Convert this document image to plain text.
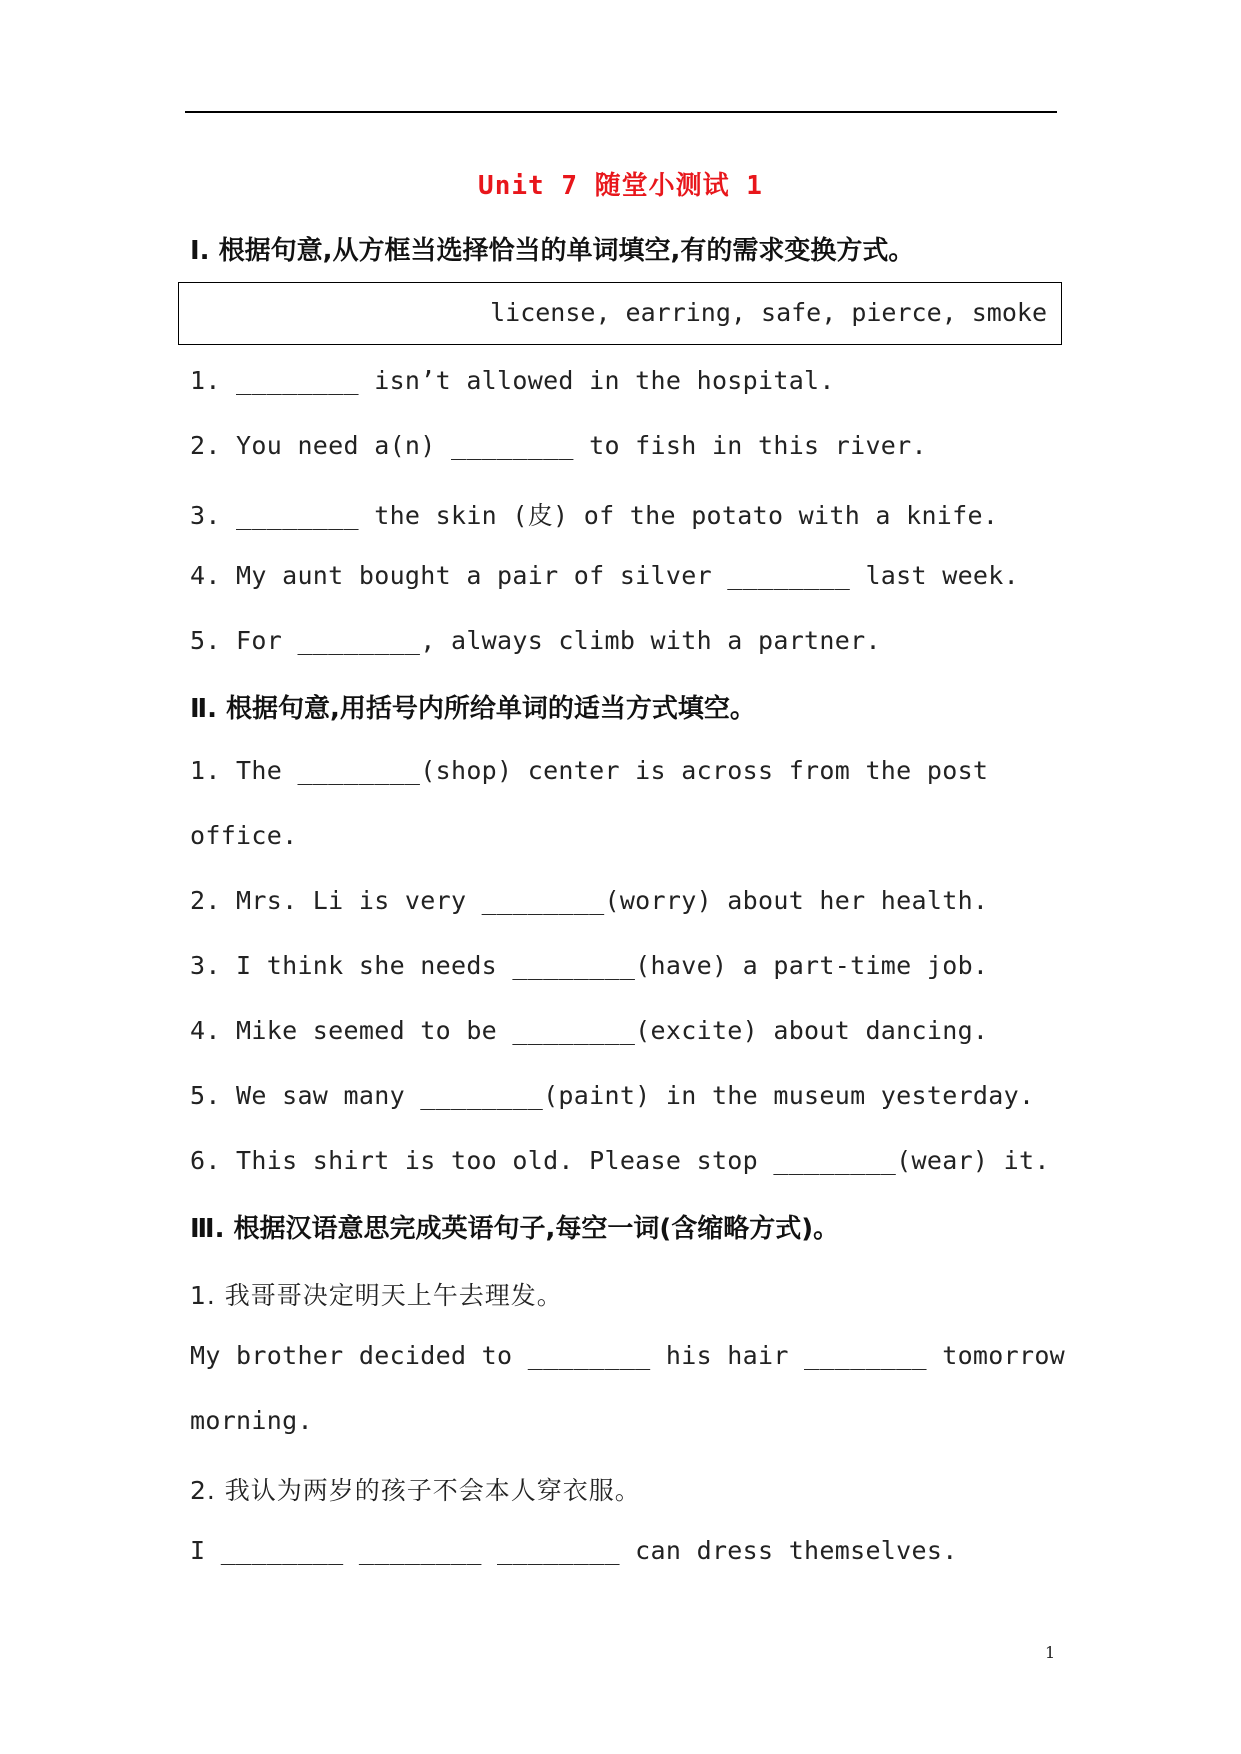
Unit 7 随堂小测试 1
Ⅰ. 根据句意,从方框当选择恰当的单词填空,有的需求变换方式。
license, earring, safe, pierce, smoke
1. ________ isn’t allowed in the hospital.
2. You need a(n) ________ to fish in this river.
3. ________ the skin (皮) of the potato with a knife.
4. My aunt bought a pair of silver ________ last week.
5. For ________, always climb with a partner.
Ⅱ. 根据句意,用括号内所给单词的适当方式填空。
1. The ________(shop) center is across from the post
office.
2. Mrs. Li is very ________(worry) about her health.
3. I think she needs ________(have) a part-time job.
4. Mike seemed to be ________(excite) about dancing.
5. We saw many ________(paint) in the museum yesterday.
6. This shirt is too old. Please stop ________(wear) it.
Ⅲ. 根据汉语意思完成英语句子,每空一词(含缩略方式)。
1. 我哥哥决定明天上午去理发。
My brother decided to ________ his hair ________ tomorrow
morning.
2. 我认为两岁的孩子不会本人穿衣服。
I ________ ________ ________ can dress themselves.
1
